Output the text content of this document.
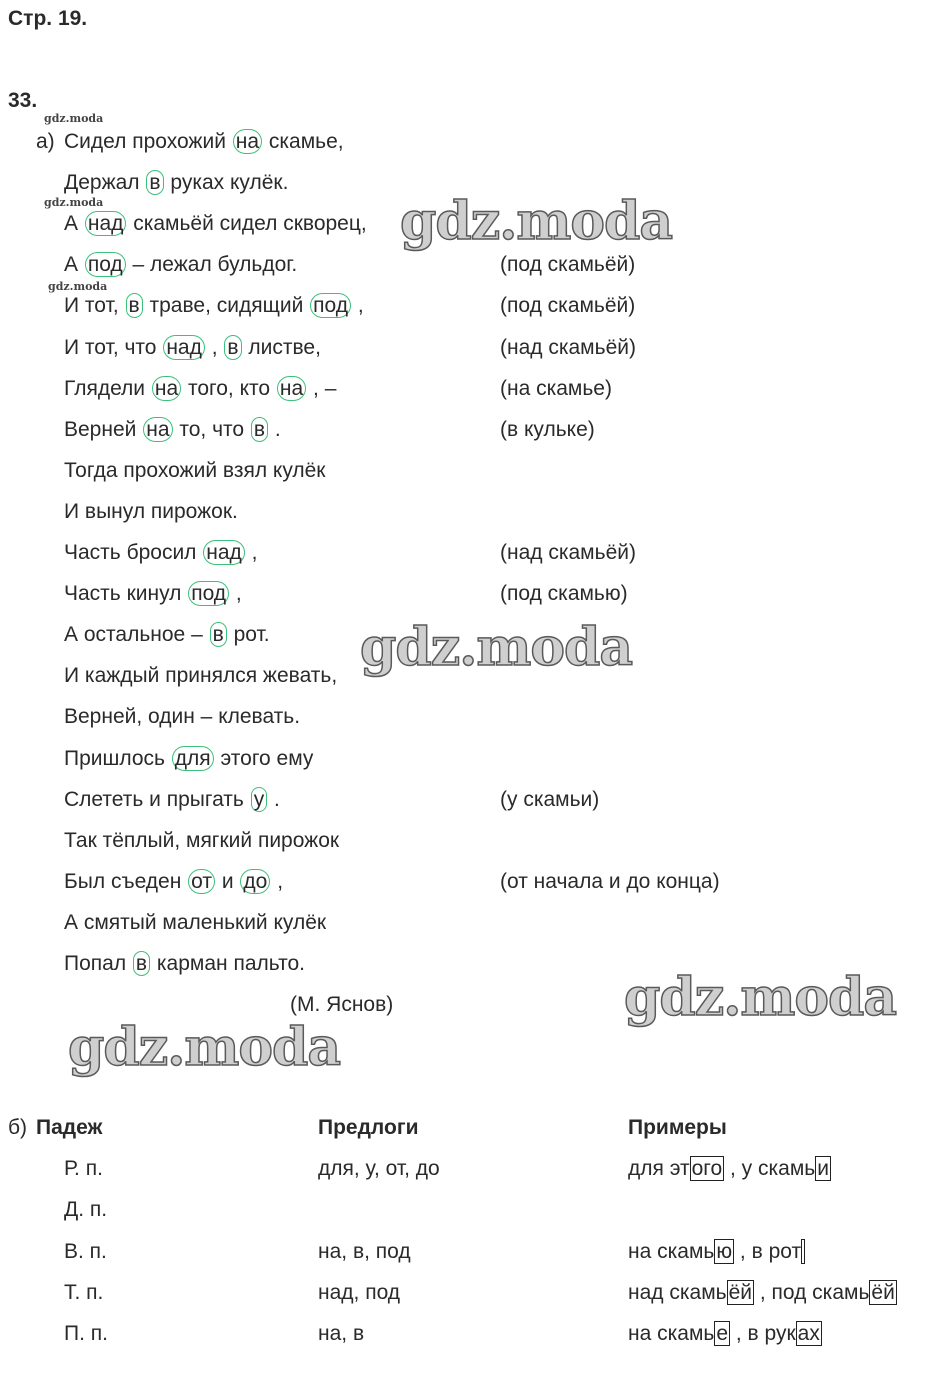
Стр. 19.
33.
а) Сидел прохожий на скамье,
Держал в руках кулёк.
А над скамьёй сидел скворец,
А под – лежал бульдог.	(под скамьёй)
И тот, в траве, сидящий под ,	(под скамьёй)
И тот, что над , в листве,	(над скамьёй)
Глядели на того, кто на , –	(на скамье)
Верней на то, что в .	(в кульке)
Тогда прохожий взял кулёк
И вынул пирожок.
Часть бросил над ,	(над скамьёй)
Часть кинул под ,	(под скамью)
А остальное – в рот.
И каждый принялся жевать,
Верней, один – клевать.
Пришлось для этого ему
Слететь и прыгать у .	(у скамьи)
Так тёплый, мягкий пирожок
Был съеден от и до ,	(от начала и до конца)
А смятый маленький кулёк
Попал в карман пальто.
(М. Яснов)
б) Падеж	Предлоги	Примеры
Р. п.	для, у, от, до	для этого , у скамьи
Д. п.
В. п.	на, в, под	на скамью , в рот
Т. п.	над, под	над скамьёй , под скамьёй
П. п.	на, в	на скамье , в руках
gdz.moda
gdz.moda
gdz.moda
gdz.moda
gdz.moda
gdz.moda
gdz.moda
